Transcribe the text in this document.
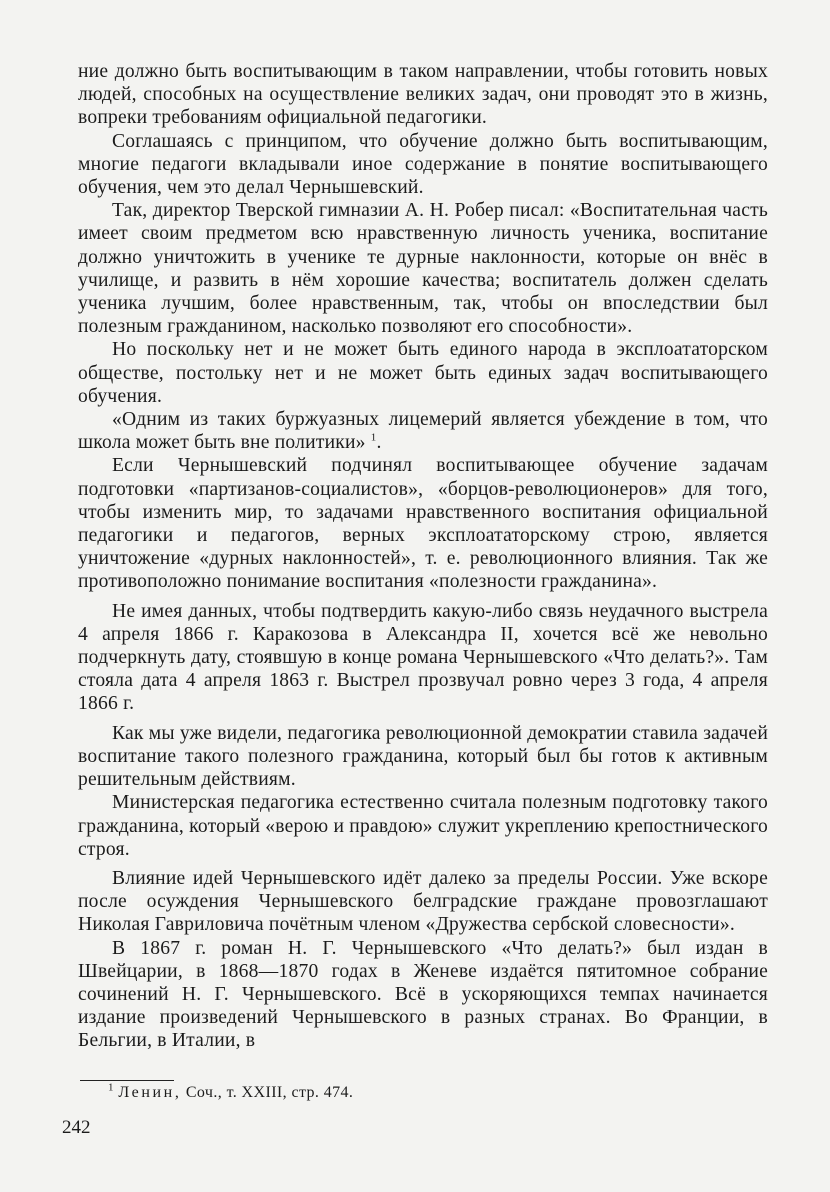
ние должно быть воспитывающим в таком направлении, чтобы готовить новых людей, способных на осуществление великих задач, они проводят это в жизнь, вопреки требованиям официальной педагогики.

Соглашаясь с принципом, что обучение должно быть воспитывающим, многие педагоги вкладывали иное содержание в понятие воспитывающего обучения, чем это делал Чернышевский.

Так, директор Тверской гимназии А. Н. Робер писал: «Воспитательная часть имеет своим предметом всю нравственную личность ученика, воспитание должно уничтожить в ученике те дурные наклонности, которые он внёс в училище, и развить в нём хорошие качества; воспитатель должен сделать ученика лучшим, более нравственным, так, чтобы он впоследствии был полезным гражданином, насколько позволяют его способности».

Но поскольку нет и не может быть единого народа в эксплоататорском обществе, постольку нет и не может быть единых задач воспитывающего обучения.

«Одним из таких буржуазных лицемерий является убеждение в том, что школа может быть вне политики» $^1$.

Если Чернышевский подчинял воспитывающее обучение задачам подготовки «партизанов-социалистов», «борцов-революционеров» для того, чтобы изменить мир, то задачами нравственного воспитания официальной педагогики и педагогов, верных эксплоататорскому строю, является уничтожение «дурных наклонностей», т. е. революционного влияния. Так же противоположно понимание воспитания «полезности гражданина».

Не имея данных, чтобы подтвердить какую-либо связь неудачного выстрела 4 апреля 1866 г. Каракозова в Александра II, хочется всё же невольно подчеркнуть дату, стоявшую в конце романа Чернышевского «Что делать?». Там стояла дата 4 апреля 1863 г. Выстрел прозвучал ровно через 3 года, 4 апреля 1866 г.

Как мы уже видели, педагогика революционной демократии ставила задачей воспитание такого полезного гражданина, который был бы готов к активным решительным действиям.

Министерская педагогика естественно считала полезным подготовку такого гражданина, который «верою и правдою» служит укреплению крепостнического строя.

Влияние идей Чернышевского идёт далеко за пределы России. Уже вскоре после осуждения Чернышевского белградские граждане провозглашают Николая Гавриловича почётным членом «Дружества сербской словесности».

В 1867 г. роман Н. Г. Чернышевского «Что делать?» был издан в Швейцарии, в 1868—1870 годах в Женеве издаётся пятитомное собрание сочинений Н. Г. Чернышевского. Всё в ускоряющихся темпах начинается издание произведений Чернышевского в разных странах. Во Франции, в Бельгии, в Италии, в

$^1$ Ленин, Соч., т. XXIII, стр. 474.
242
